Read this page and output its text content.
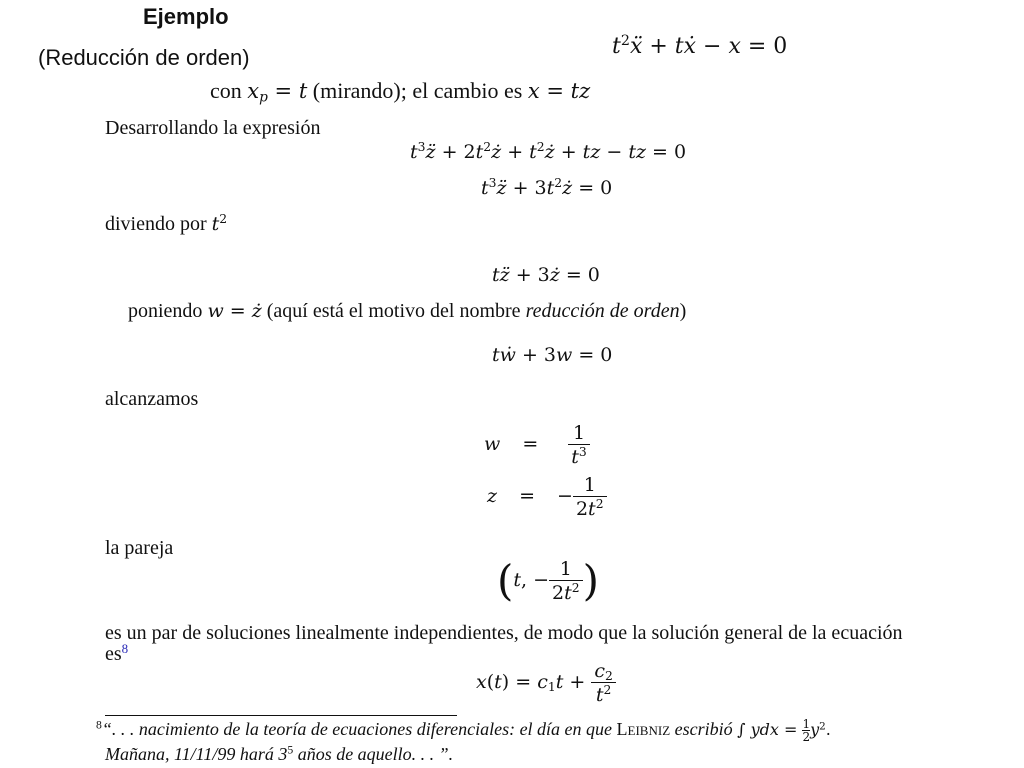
Ejemplo
(Reducción de orden)	$t^2ẍ$ + tẋ − x = 0
con $x_p = t$ (mirando); el cambio es x = tz
Desarrollando la expresión
$t^3z̈$ + $2t^2ż$ + $t^2ż$ + tz − tz = 0
$t^3z̈$ + $3t^2ż = 0$
diviendo por $t^2$
tz̈ + 3ż = 0
poniendo w = ż (aquí está el motivo del nombre reducción de orden)
tẇ + 3w = 0
alcanzamos
$w = \frac{1}{t^3}$
z = − $\frac{1}{2t^2}$
la pareja
(t, − $\frac{1}{2t^2}$ )
es un par de soluciones linealmente independientes, de modo que la solución general de la ecuación
es$^8$
$x(t) = c_1t + \frac{c_2}{t^2}$
$^8$“. . . nacimiento de la teoría de ecuaciones diferenciales: el día en que Leibniz escribió ∫ ydx = $\frac{1}{2} y^2$.
Mañana, 11/11/99 hará $3^5$ años de aquello. . . ”.
